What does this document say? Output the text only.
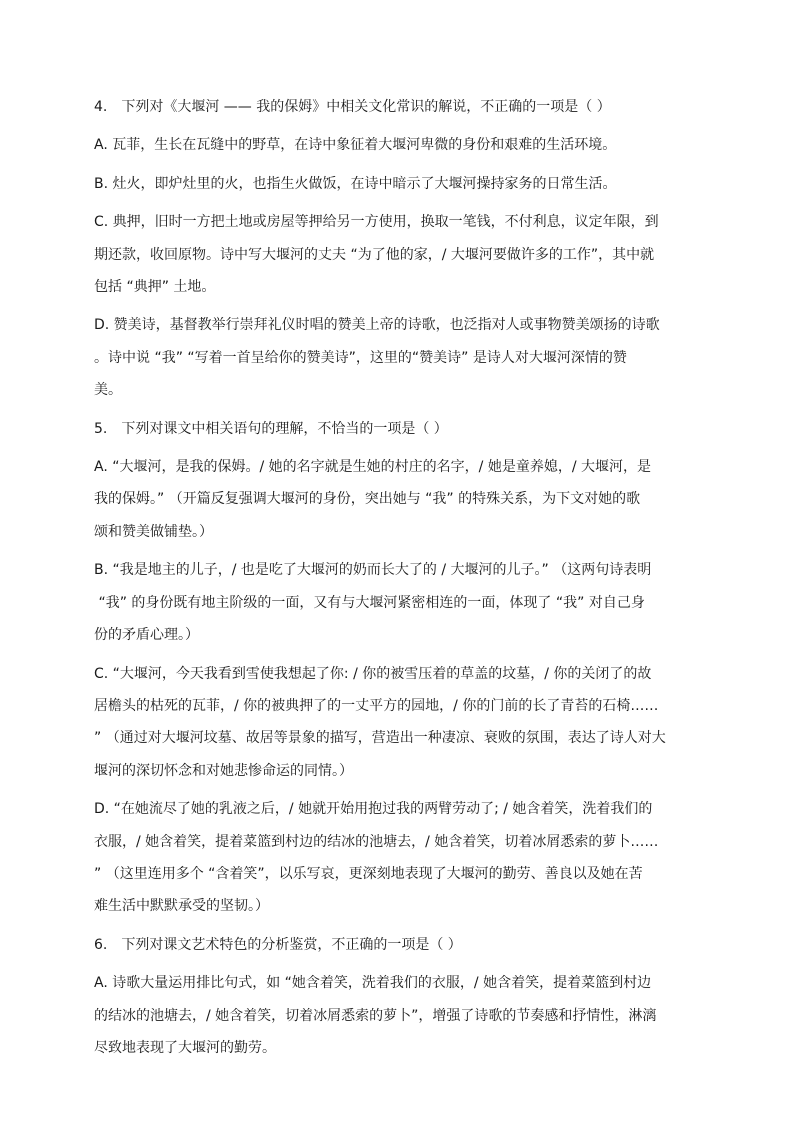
4.　下列对《大堰河 —— 我的保姆》中相关文化常识的解说，不正确的一项是（ ）

A. 瓦菲，生长在瓦缝中的野草，在诗中象征着大堰河卑微的身份和艰难的生活环境。

B. 灶火，即炉灶里的火，也指生火做饭，在诗中暗示了大堰河操持家务的日常生活。

C. 典押，旧时一方把土地或房屋等押给另一方使用，换取一笔钱，不付利息，议定年限，到
期还款，收回原物。诗中写大堰河的丈夫 “为了他的家，/ 大堰河要做许多的工作”，其中就
包括 “典押” 土地。

D. 赞美诗，基督教举行崇拜礼仪时唱的赞美上帝的诗歌，也泛指对人或事物赞美颂扬的诗歌
。诗中说 “我” “写着一首呈给你的赞美诗”，这里的“赞美诗” 是诗人对大堰河深情的赞
美。

5.　下列对课文中相关语句的理解，不恰当的一项是（ ）

A. “大堰河，是我的保姆。/ 她的名字就是生她的村庄的名字，/ 她是童养媳，/ 大堰河，是
我的保姆。” （开篇反复强调大堰河的身份，突出她与 “我” 的特殊关系，为下文对她的歌
颂和赞美做铺垫。）

B. “我是地主的儿子，/ 也是吃了大堰河的奶而长大了的 / 大堰河的儿子。” （这两句诗表明
“我” 的身份既有地主阶级的一面，又有与大堰河紧密相连的一面，体现了 “我” 对自己身
份的矛盾心理。）

C. “大堰河，今天我看到雪使我想起了你: / 你的被雪压着的草盖的坟墓，/ 你的关闭了的故
居檐头的枯死的瓦菲，/ 你的被典押了的一丈平方的园地，/ 你的门前的长了青苔的石椅……
” （通过对大堰河坟墓、故居等景象的描写，营造出一种凄凉、衰败的氛围，表达了诗人对大
堰河的深切怀念和对她悲惨命运的同情。）

D. “在她流尽了她的乳液之后，/ 她就开始用抱过我的两臂劳动了; / 她含着笑，洗着我们的
衣服，/ 她含着笑，提着菜篮到村边的结冰的池塘去，/ 她含着笑，切着冰屑悉索的萝卜……
” （这里连用多个 “含着笑”，以乐写哀，更深刻地表现了大堰河的勤劳、善良以及她在苦
难生活中默默承受的坚韧。）

6.　下列对课文艺术特色的分析鉴赏，不正确的一项是（ ）

A. 诗歌大量运用排比句式，如 “她含着笑，洗着我们的衣服，/ 她含着笑，提着菜篮到村边
的结冰的池塘去，/ 她含着笑，切着冰屑悉索的萝卜”，增强了诗歌的节奏感和抒情性，淋漓
尽致地表现了大堰河的勤劳。
